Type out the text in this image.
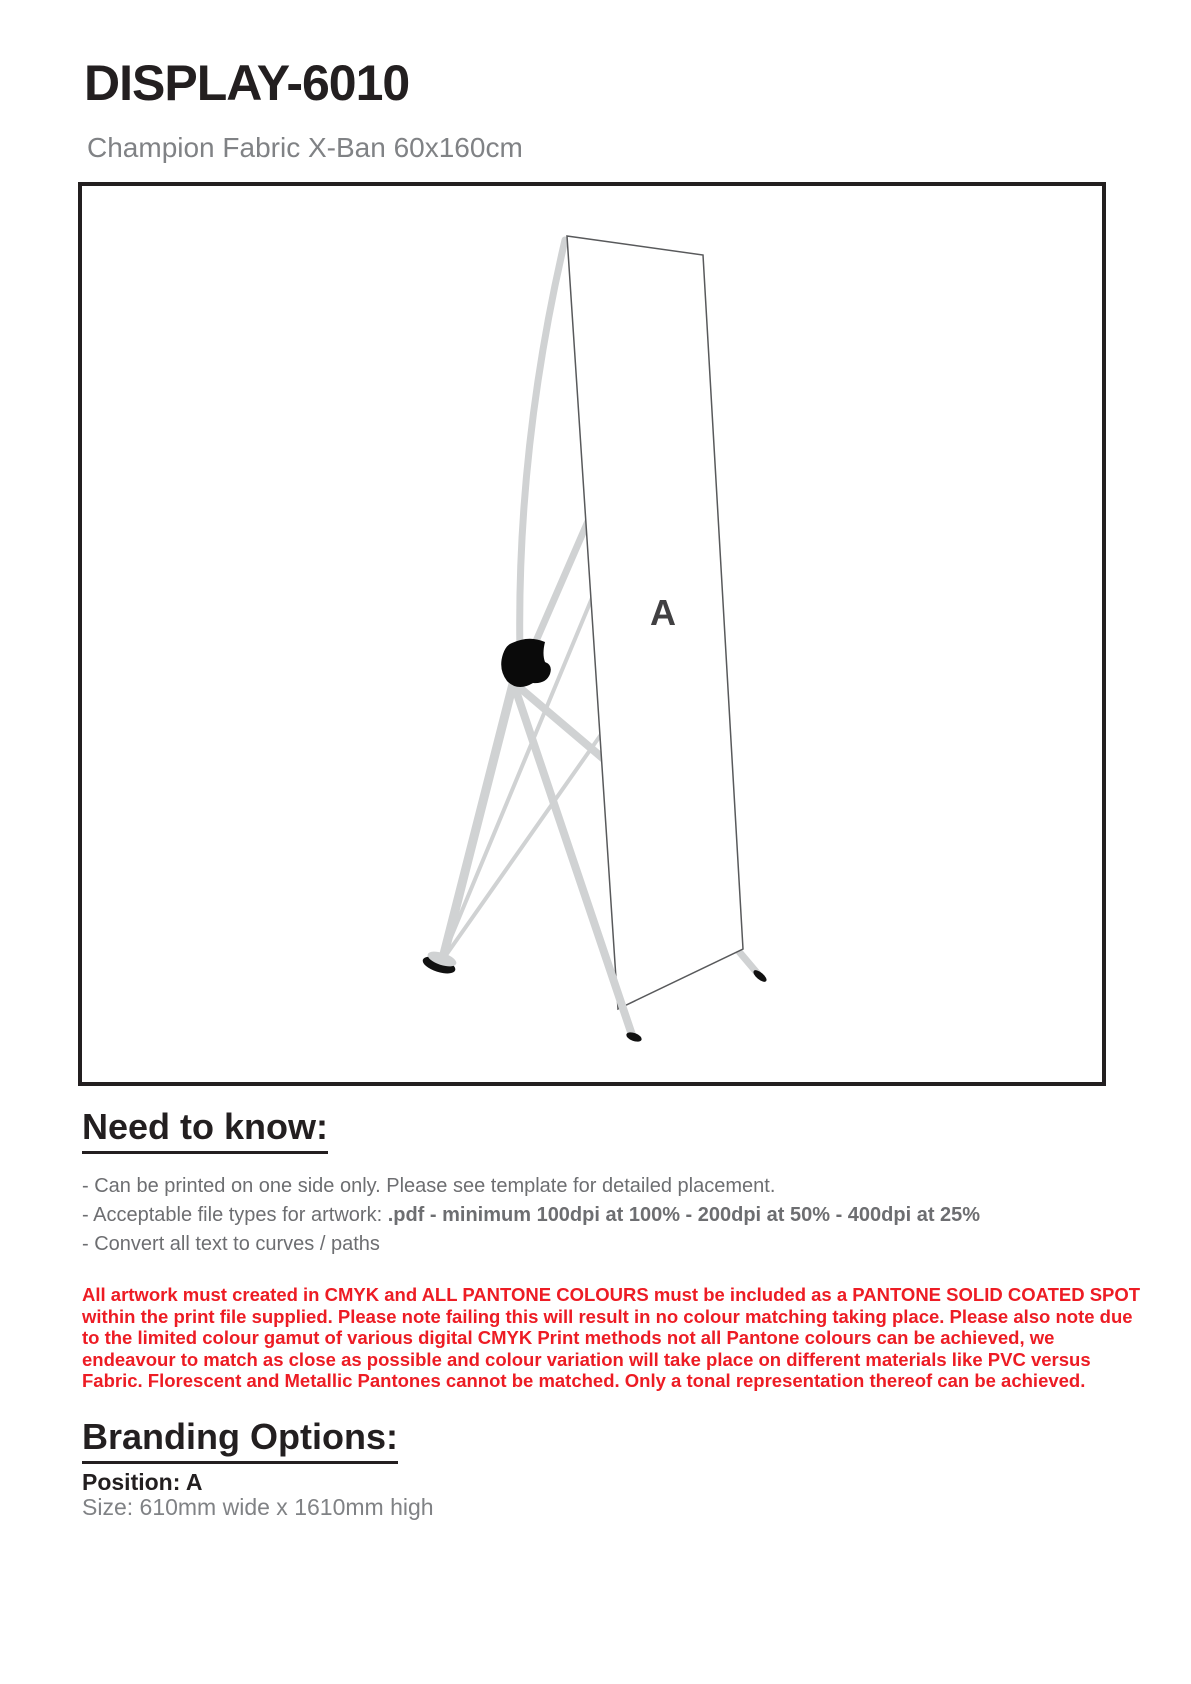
DISPLAY-6010
Champion Fabric X-Ban 60x160cm
A
Need to know:
- Can be printed on one side only. Please see template for detailed placement.
- Acceptable file types for artwork: .pdf - minimum 100dpi at 100% - 200dpi at 50% - 400dpi at 25%
- Convert all text to curves / paths
All artwork must created in CMYK and ALL PANTONE COLOURS must be included as a PANTONE SOLID COATED SPOT
within the print file supplied. Please note failing this will result in no colour matching taking place. Please also note due
to the limited colour gamut of various digital CMYK Print methods not all Pantone colours can be achieved, we
endeavour to match as close as possible and colour variation will take place on different materials like PVC versus
Fabric. Florescent and Metallic Pantones cannot be matched. Only a tonal representation thereof can be achieved.
Branding Options:
Position: A
Size: 610mm wide x 1610mm high
